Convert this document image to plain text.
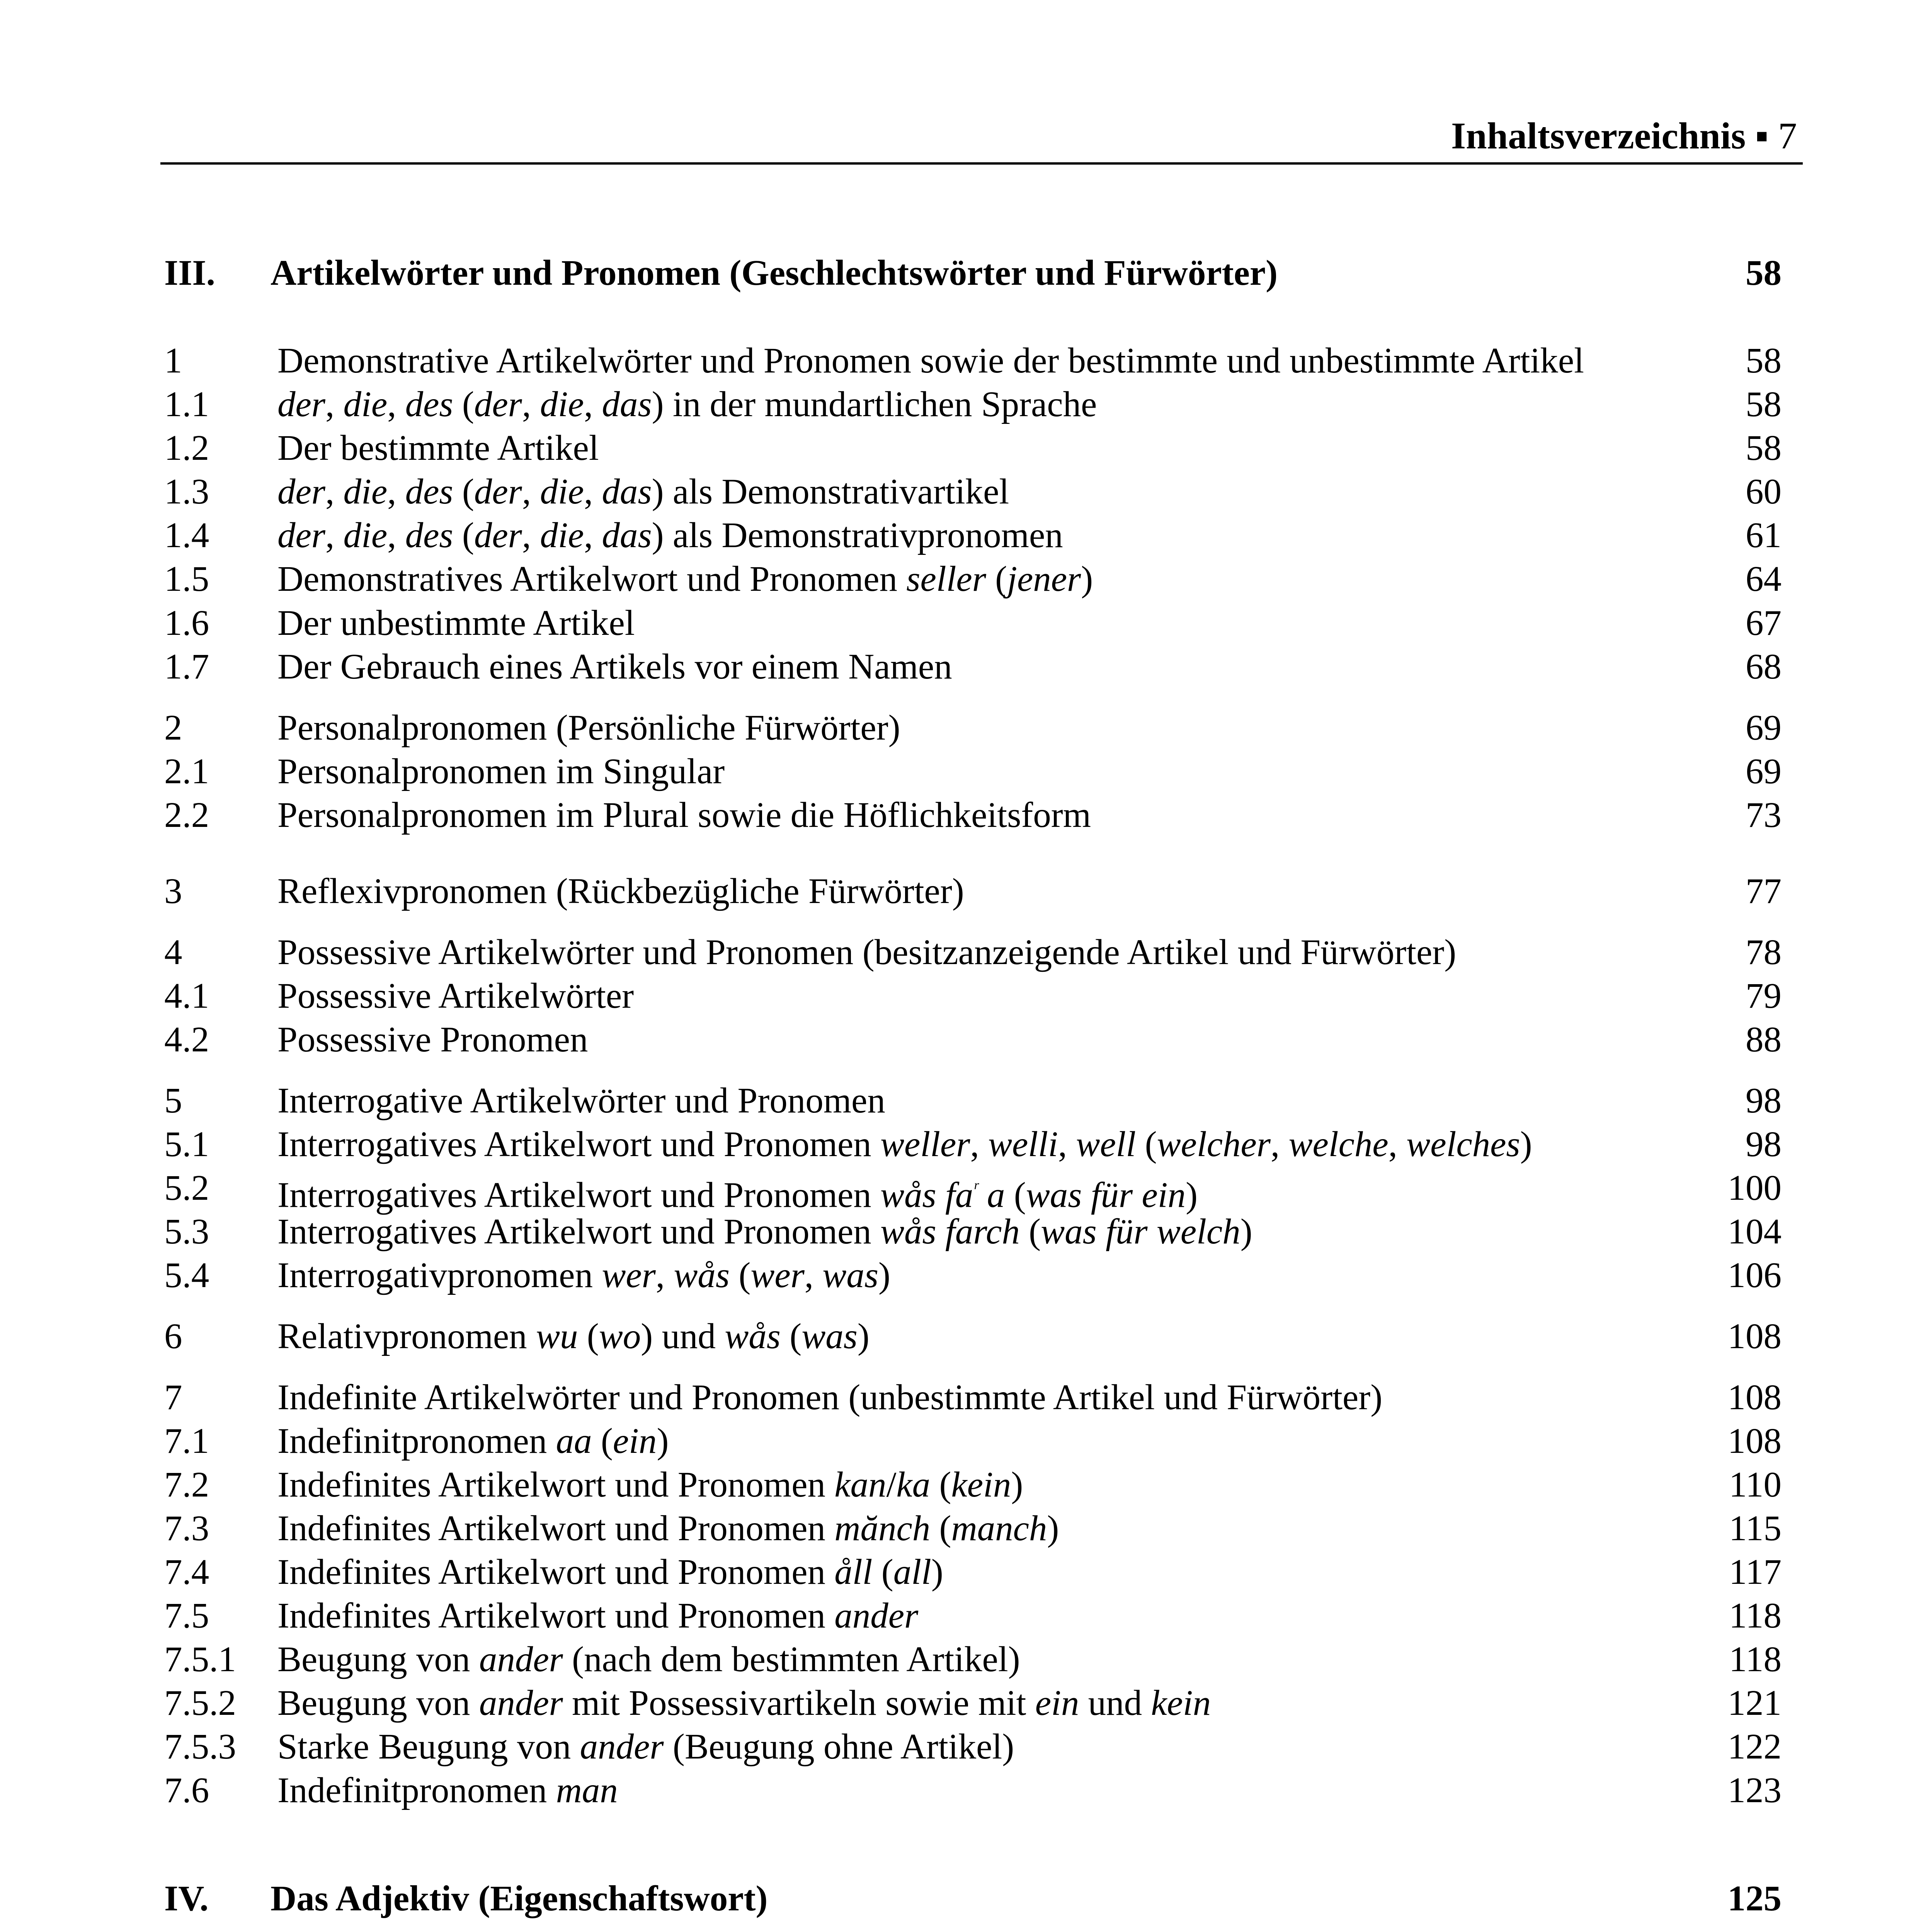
Inhaltsverzeichnis ▪ 7
III. Artikelwörter und Pronomen (Geschlechtswörter und Fürwörter)	58
1	Demonstrative Artikelwörter und Pronomen sowie der bestimmte und unbestimmte Artikel	58
1.1 der, die, des (der, die, das) in der mundartlichen Sprache	58
1.2 Der bestimmte Artikel	58
1.3 der, die, des (der, die, das) als Demonstrativartikel	60
1.4 der, die, des (der, die, das) als Demonstrativpronomen	61
1.5 Demonstratives Artikelwort und Pronomen seller (jener)	64
1.6 Der unbestimmte Artikel	67
1.7 Der Gebrauch eines Artikels vor einem Namen	68
2	Personalpronomen (Persönliche Fürwörter)	69
2.1 Personalpronomen im Singular	69
2.2 Personalpronomen im Plural sowie die Höflichkeitsform	73
3	Reflexivpronomen (Rückbezügliche Fürwörter)	77
4	Possessive Artikelwörter und Pronomen (besitzanzeigende Artikel und Fürwörter)	78
4.1 Possessive Artikelwörter	79
4.2 Possessive Pronomen	88
5	Interrogative Artikelwörter und Pronomen	98
5.1 Interrogatives Artikelwort und Pronomen weller, welli, well (welcher, welche, welches)	98
5.2 Interrogatives Artikelwort und Pronomen wås $fa^ʳ$ a (was für ein)	100
5.3 Interrogatives Artikelwort und Pronomen wås farch (was für welch)	104
5.4 Interrogativpronomen wer, wås (wer, was)	106
6	Relativpronomen wu (wo) und wås (was)	108
7	Indefinite Artikelwörter und Pronomen (unbestimmte Artikel und Fürwörter)	108
7.1 Indefinitpronomen aa (ein)	108
7.2 Indefinites Artikelwort und Pronomen kan/ka (kein)	110
7.3 Indefinites Artikelwort und Pronomen mănch (manch)	115
7.4 Indefinites Artikelwort und Pronomen åll (all)	117
7.5 Indefinites Artikelwort und Pronomen ander	118
7.5.1 Beugung von ander (nach dem bestimmten Artikel)	118
7.5.2 Beugung von ander mit Possessivartikeln sowie mit ein und kein	121
7.5.3 Starke Beugung von ander (Beugung ohne Artikel)	122
7.6 Indefinitpronomen man	123
IV. Das Adjektiv (Eigenschaftswort)	125
